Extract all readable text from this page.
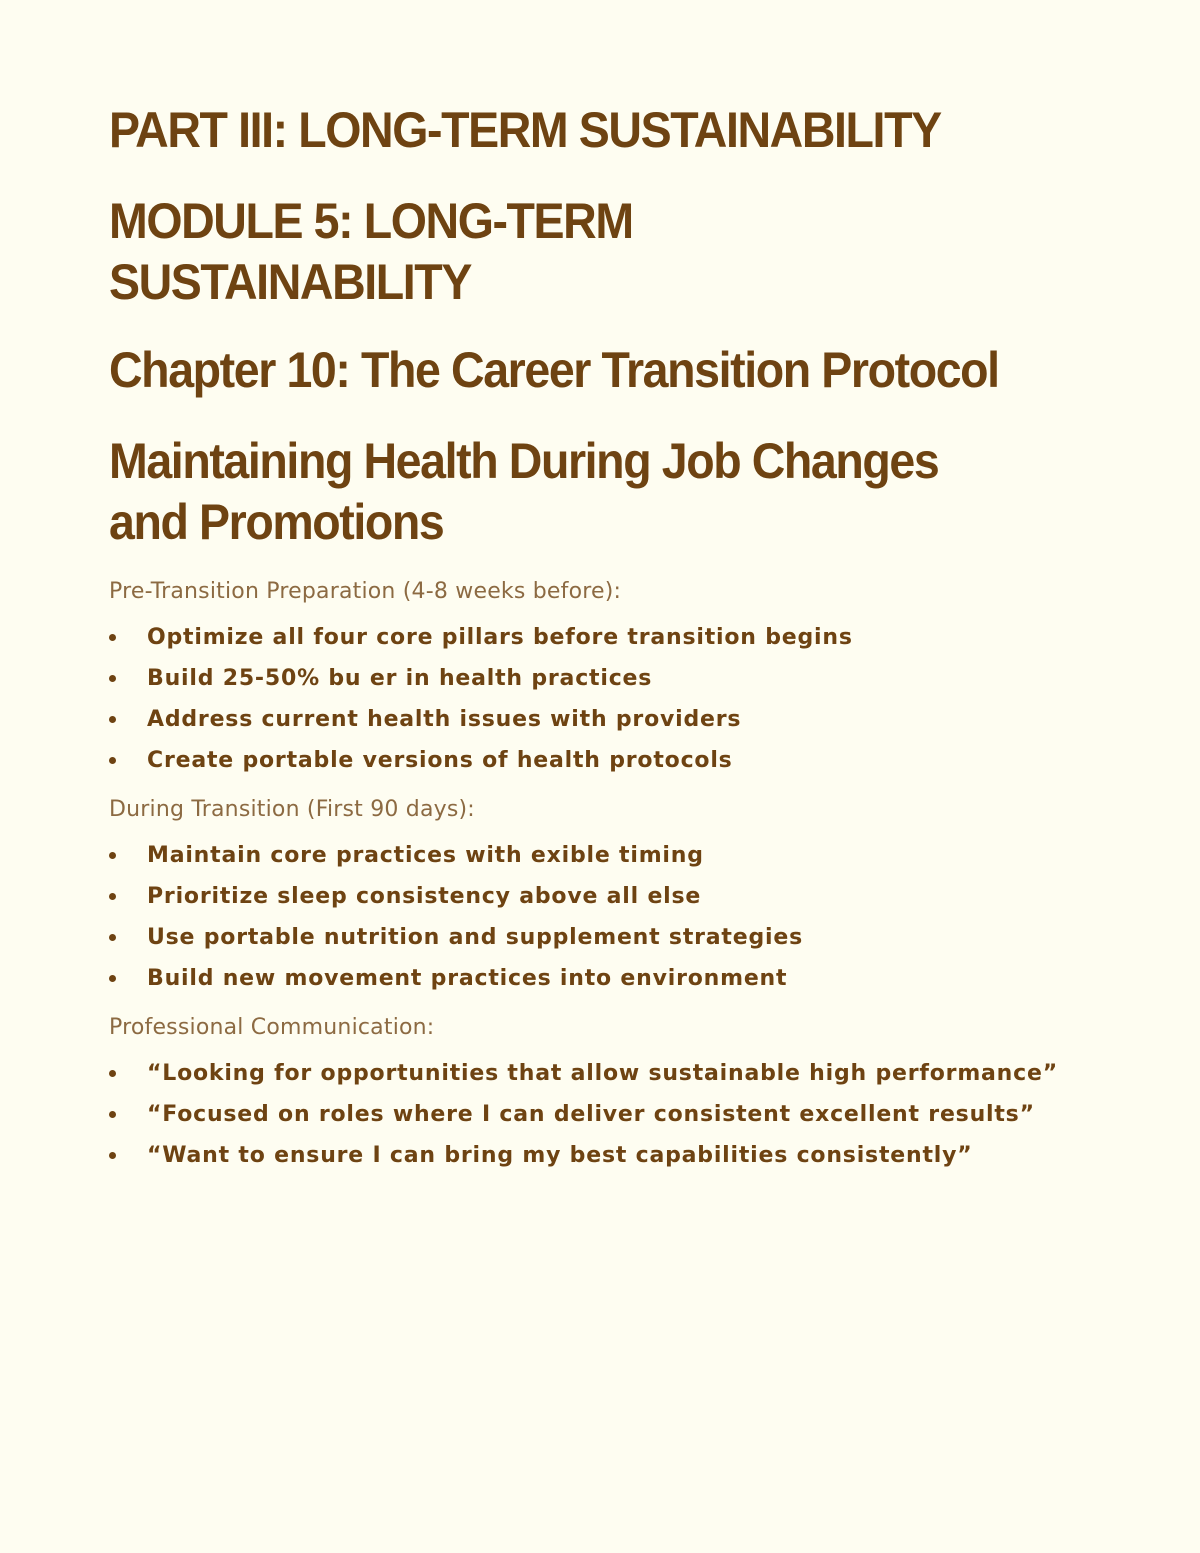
PART III: LONG-TERM SUSTAINABILITY
MODULE 5: LONG-TERM
SUSTAINABILITY
Chapter 10: The Career Transition Protocol
Maintaining Health During Job Changes
and Promotions

Pre-Transition Preparation (4-8 weeks before):

Optimize all four core pillars before transition begins
Build 25-50% bu er in health practices
Address current health issues with providers
Create portable versions of health protocols

During Transition (First 90 days):

Maintain core practices with exible timing
Prioritize sleep consistency above all else
Use portable nutrition and supplement strategies
Build new movement practices into environment

Professional Communication:

“Looking for opportunities that allow sustainable high performance”
“Focused on roles where I can deliver consistent excellent results”
“Want to ensure I can bring my best capabilities consistently”
